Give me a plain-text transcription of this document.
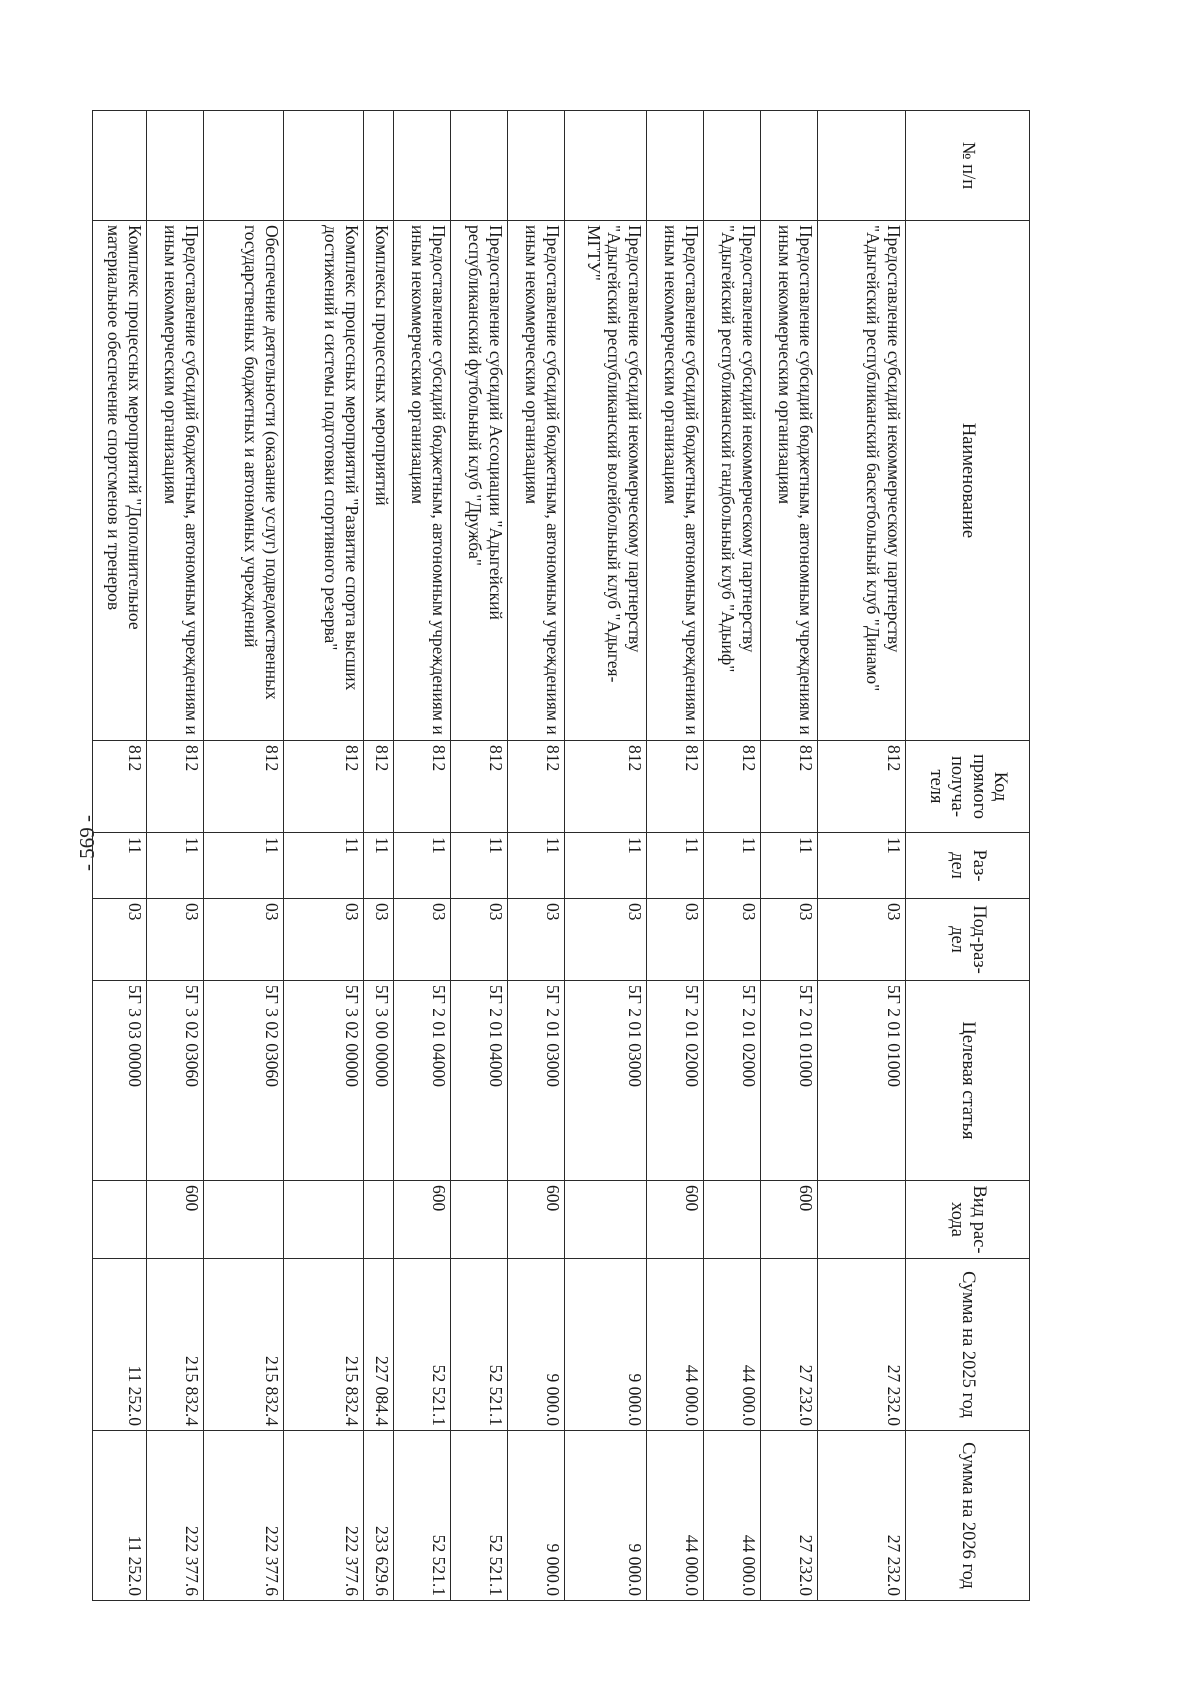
- 569 -
№ п/п	Наименование	Код прямого получа-теля	Раз-дел	Под-раз-дел	Целевая статья	Вид рас-хода	Сумма на 2025 год	Сумма на 2026 год
	Предоставление субсидий некоммерческому партнерству "Адыгейский республиканский баскетбольный клуб "Динамо"	812	11	03	5Г 2 01 01000		27 232.0	27 232.0
	Предоставление субсидий бюджетным, автономным учреждениям и иным некоммерческим организациям	812	11	03	5Г 2 01 01000	600	27 232.0	27 232.0
	Предоставление субсидий некоммерческому партнерству "Адыгейский республиканский гандбольный клуб "Адыиф"	812	11	03	5Г 2 01 02000		44 000.0	44 000.0
	Предоставление субсидий бюджетным, автономным учреждениям и иным некоммерческим организациям	812	11	03	5Г 2 01 02000	600	44 000.0	44 000.0
	Предоставление субсидий некоммерческому партнерству "Адыгейский республиканский волейбольный клуб "Адыгея-МГТУ"	812	11	03	5Г 2 01 03000		9 000.0	9 000.0
	Предоставление субсидий бюджетным, автономным учреждениям и иным некоммерческим организациям	812	11	03	5Г 2 01 03000	600	9 000.0	9 000.0
	Предоставление субсидий Ассоциации "Адыгейский республиканский футбольный клуб "Дружба"	812	11	03	5Г 2 01 04000		52 521.1	52 521.1
	Предоставление субсидий бюджетным, автономным учреждениям и иным некоммерческим организациям	812	11	03	5Г 2 01 04000	600	52 521.1	52 521.1
	Комплексы процессных мероприятий	812	11	03	5Г 3 00 00000		227 084.4	233 629.6
	Комплекс процессных мероприятий "Развитие спорта высших достижений и системы подготовки спортивного резерва"	812	11	03	5Г 3 02 00000		215 832.4	222 377.6
	Обеспечение деятельности (оказание услуг) подведомственных государственных бюджетных и автономных учреждений	812	11	03	5Г 3 02 03060		215 832.4	222 377.6
	Предоставление субсидий бюджетным, автономным учреждениям и иным некоммерческим организациям	812	11	03	5Г 3 02 03060	600	215 832.4	222 377.6
	Комплекс процессных мероприятий "Дополнительное материальное обеспечение спортсменов и тренеров	812	11	03	5Г 3 03 00000		11 252.0	11 252.0
